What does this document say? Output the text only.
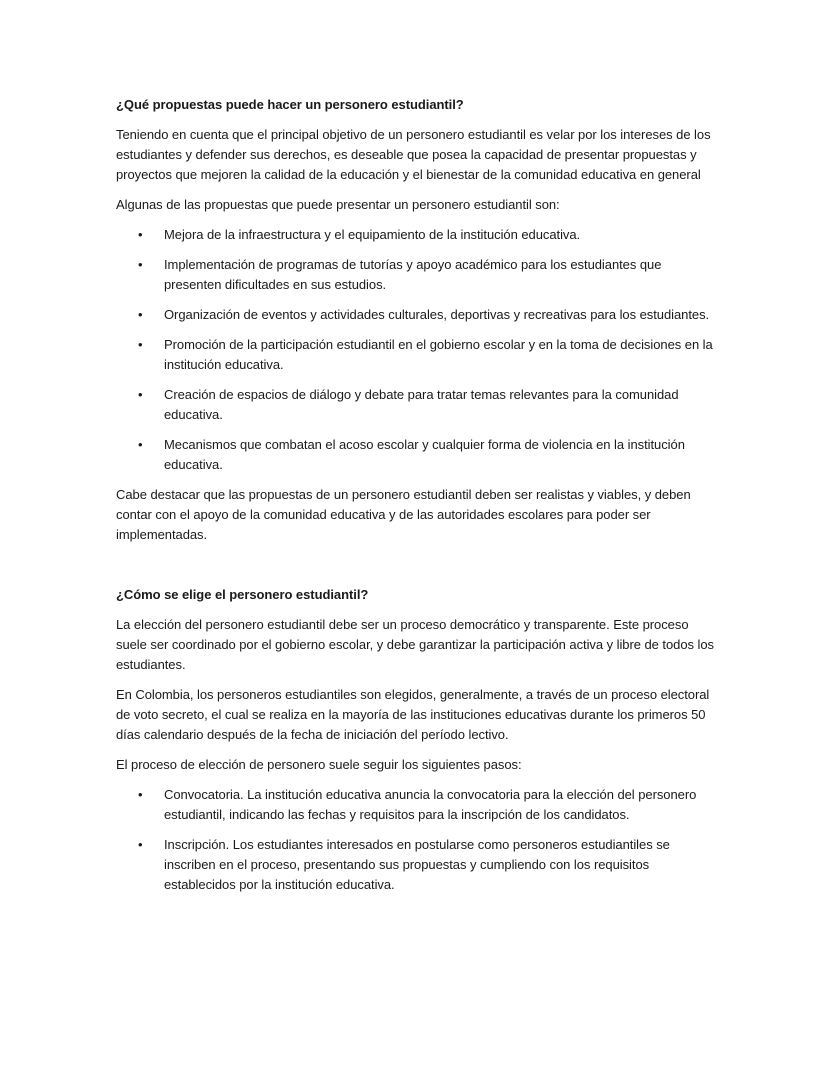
¿Qué propuestas puede hacer un personero estudiantil?

Teniendo en cuenta que el principal objetivo de un personero estudiantil es velar por los intereses de los estudiantes y defender sus derechos, es deseable que posea la capacidad de presentar propuestas y proyectos que mejoren la calidad de la educación y el bienestar de la comunidad educativa en general

Algunas de las propuestas que puede presentar un personero estudiantil son:

• Mejora de la infraestructura y el equipamiento de la institución educativa.
• Implementación de programas de tutorías y apoyo académico para los estudiantes que presenten dificultades en sus estudios.
• Organización de eventos y actividades culturales, deportivas y recreativas para los estudiantes.
• Promoción de la participación estudiantil en el gobierno escolar y en la toma de decisiones en la institución educativa.
• Creación de espacios de diálogo y debate para tratar temas relevantes para la comunidad educativa.
• Mecanismos que combatan el acoso escolar y cualquier forma de violencia en la institución educativa.

Cabe destacar que las propuestas de un personero estudiantil deben ser realistas y viables, y deben contar con el apoyo de la comunidad educativa y de las autoridades escolares para poder ser implementadas.

¿Cómo se elige el personero estudiantil?

La elección del personero estudiantil debe ser un proceso democrático y transparente. Este proceso suele ser coordinado por el gobierno escolar, y debe garantizar la participación activa y libre de todos los estudiantes.

En Colombia, los personeros estudiantiles son elegidos, generalmente, a través de un proceso electoral de voto secreto, el cual se realiza en la mayoría de las instituciones educativas durante los primeros 50 días calendario después de la fecha de iniciación del período lectivo.

El proceso de elección de personero suele seguir los siguientes pasos:

• Convocatoria. La institución educativa anuncia la convocatoria para la elección del personero estudiantil, indicando las fechas y requisitos para la inscripción de los candidatos.
• Inscripción. Los estudiantes interesados en postularse como personeros estudiantiles se inscriben en el proceso, presentando sus propuestas y cumpliendo con los requisitos establecidos por la institución educativa.
